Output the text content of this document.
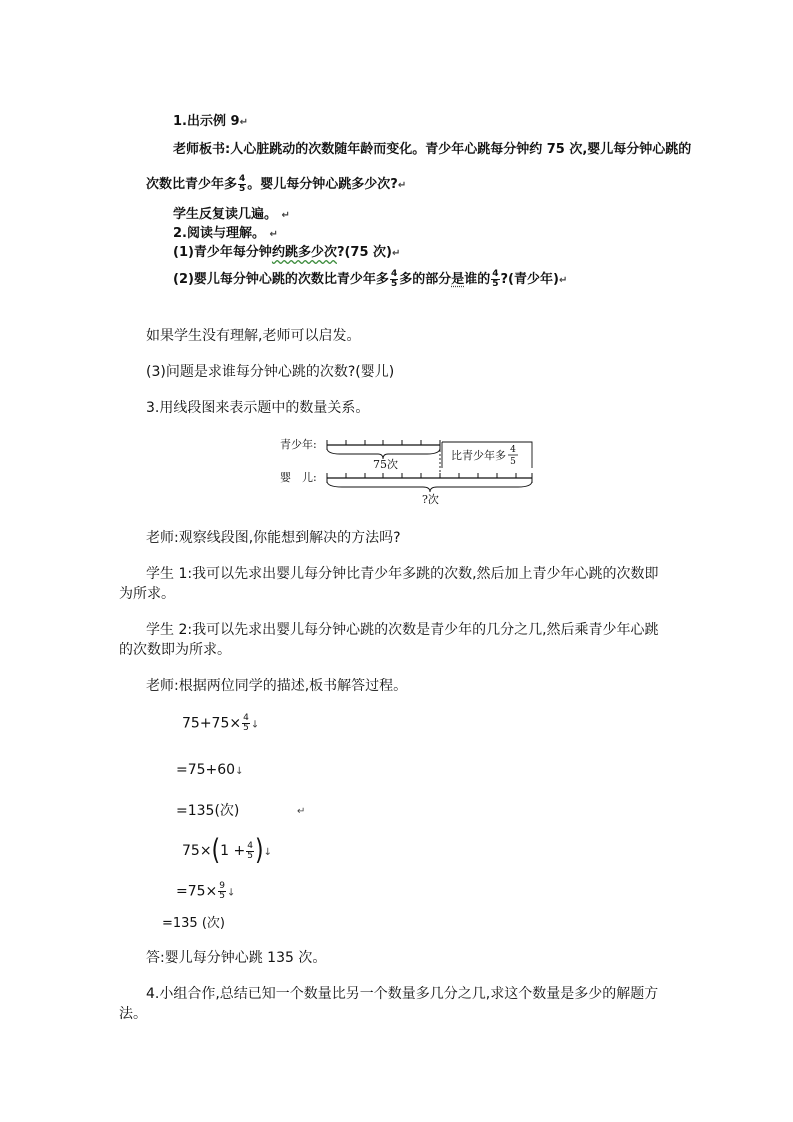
1.出示例 9↵
老师板书:人心脏跳动的次数随年龄而变化。青少年心跳每分钟约 75 次,婴儿每分钟心跳的
次数比青少年多 $\frac{4}{5}$ 。婴儿每分钟心跳多少次?↵
学生反复读几遍。 ↵
2.阅读与理解。 ↵
(1)青少年每分钟约跳多少次?(75 次)↵
(2)婴儿每分钟心跳的次数比青少年多 $\frac{4}{5}$ 多的部分是谁的 $\frac{4}{5}$ ?(青少年)↵
如果学生没有理解,老师可以启发。
(3)问题是求谁每分钟心跳的次数?(婴儿)
3.用线段图来表示题中的数量关系。
青少年:
婴　儿:
75次
比青少年多 4
5
?次
老师:观察线段图,你能想到解决的方法吗?
学生 1:我可以先求出婴儿每分钟比青少年多跳的次数,然后加上青少年心跳的次数即
为所求。
学生 2:我可以先求出婴儿每分钟心跳的次数是青少年的几分之几,然后乘青少年心跳
的次数即为所求。
老师:根据两位同学的描述,板书解答过程。
$75+75\times \frac{4}{5}$ ↓
=75+60↓
=135(次)	↵
$75\times(1 + \frac{4}{5}$ )↓
$=75\times \frac{9}{5}$ ↓
=135 (次)
答:婴儿每分钟心跳 135 次。
4.小组合作,总结已知一个数量比另一个数量多几分之几,求这个数量是多少的解题方
法。
